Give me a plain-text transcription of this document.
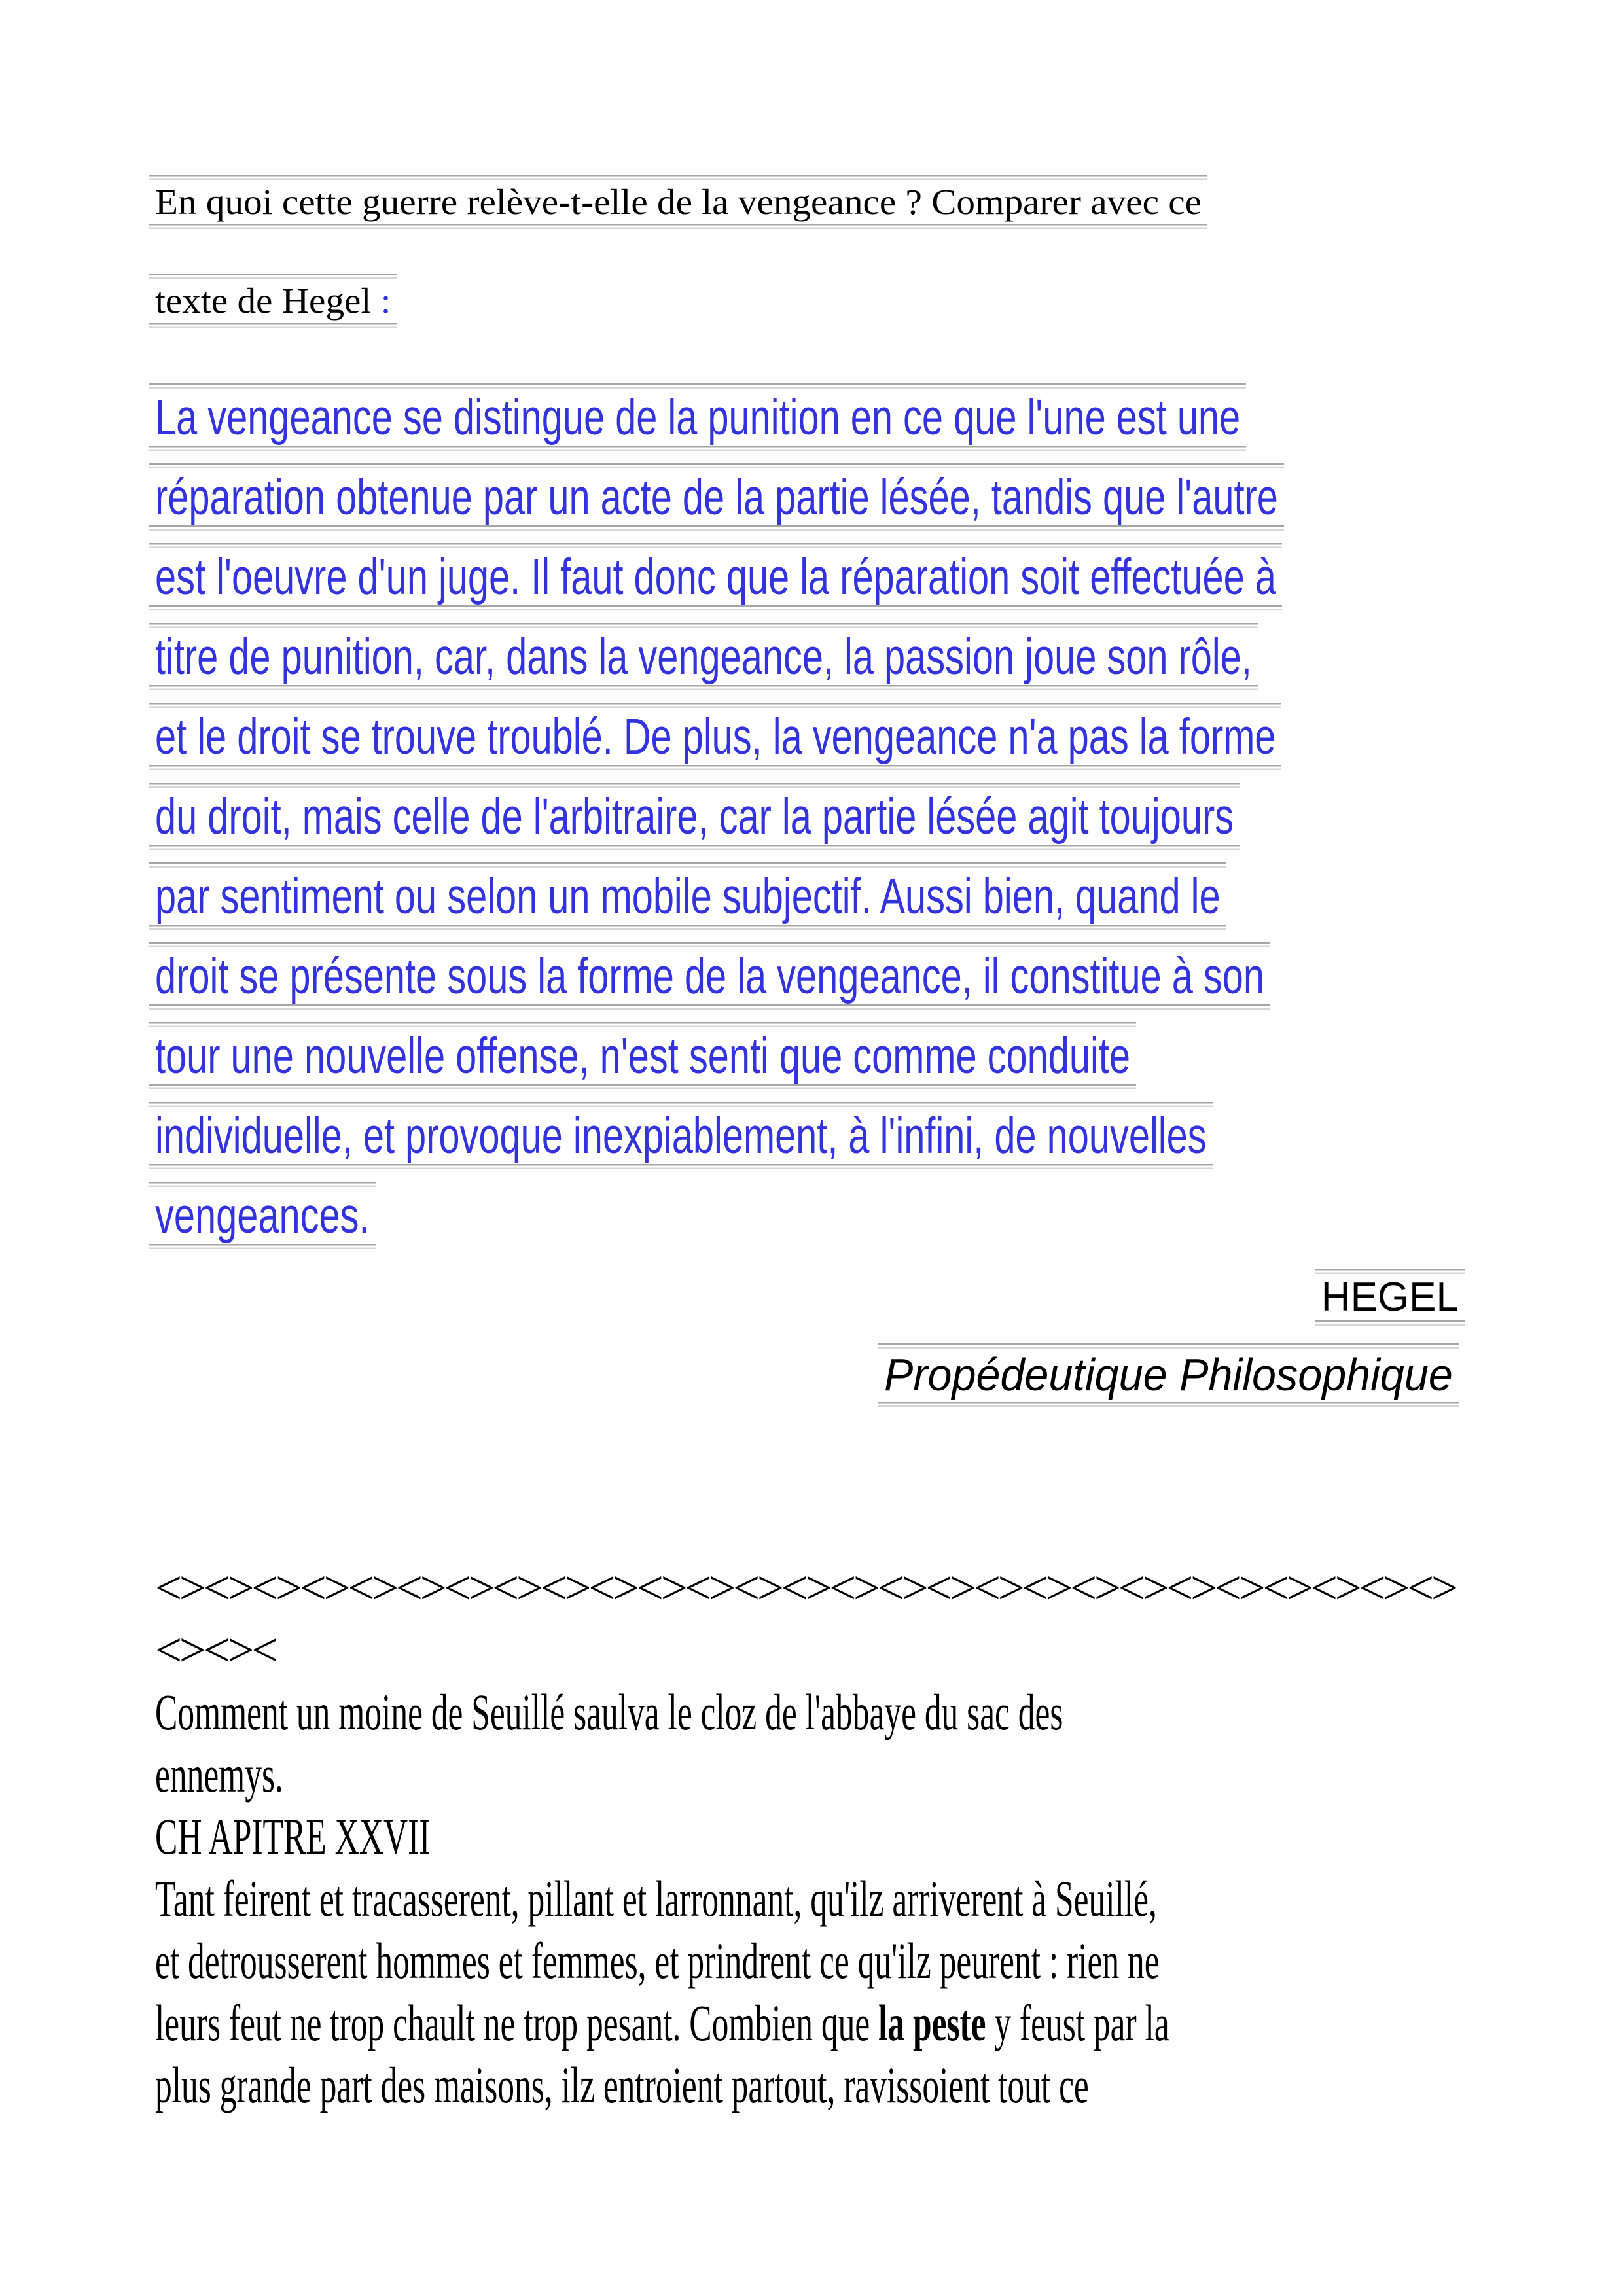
En quoi cette guerre relève-t-elle de la vengeance ? Comparer avec ce
texte de Hegel :
La vengeance se distingue de la punition en ce que l'une est une
réparation obtenue par un acte de la partie lésée, tandis que l'autre
est l'oeuvre d'un juge. Il faut donc que la réparation soit effectuée à
titre de punition, car, dans la vengeance, la passion joue son rôle,
et le droit se trouve troublé. De plus, la vengeance n'a pas la forme
du droit, mais celle de l'arbitraire, car la partie lésée agit toujours
par sentiment ou selon un mobile subjectif. Aussi bien, quand le
droit se présente sous la forme de la vengeance, il constitue à son
tour une nouvelle offense, n'est senti que comme conduite
individuelle, et provoque inexpiablement, à l'infini, de nouvelles
vengeances.
HEGEL
Propédeutique Philosophique
<><><><><><><><><><><><><><><><><><><><><><><><><><><>
<><><
Comment un moine de Seuillé saulva le cloz de l'abbaye du sac des
ennemys.
CH APITRE XXVII
Tant feirent et tracasserent, pillant et larronnant, qu'ilz arriverent à Seuillé,
et detrousserent hommes et femmes, et prindrent ce qu'ilz peurent : rien ne
leurs feut ne trop chault ne trop pesant. Combien que la peste y feust par la
plus grande part des maisons, ilz entroient partout, ravissoient tout ce
